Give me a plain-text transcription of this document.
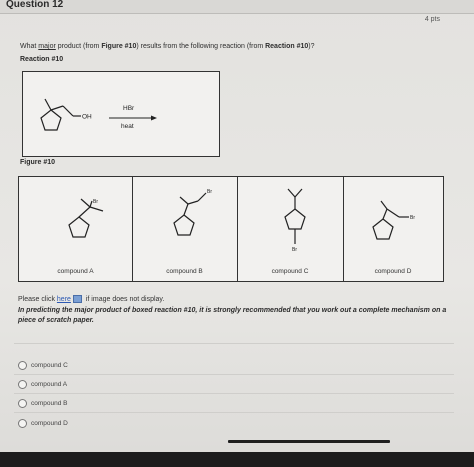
Question 12
4 pts
What major product (from Figure #10) results from the following reaction (from Reaction #10)?
Reaction #10
OH
HBr
heat
Figure #10
Br
compound A
Br
compound B
Br
compound C
Br
compound D
Please click here if image does not display.
In predicting the major product of boxed reaction #10, it is strongly recommended that you work out a complete mechanism on a piece of scratch paper.
compound C
compound A
compound B
compound D
